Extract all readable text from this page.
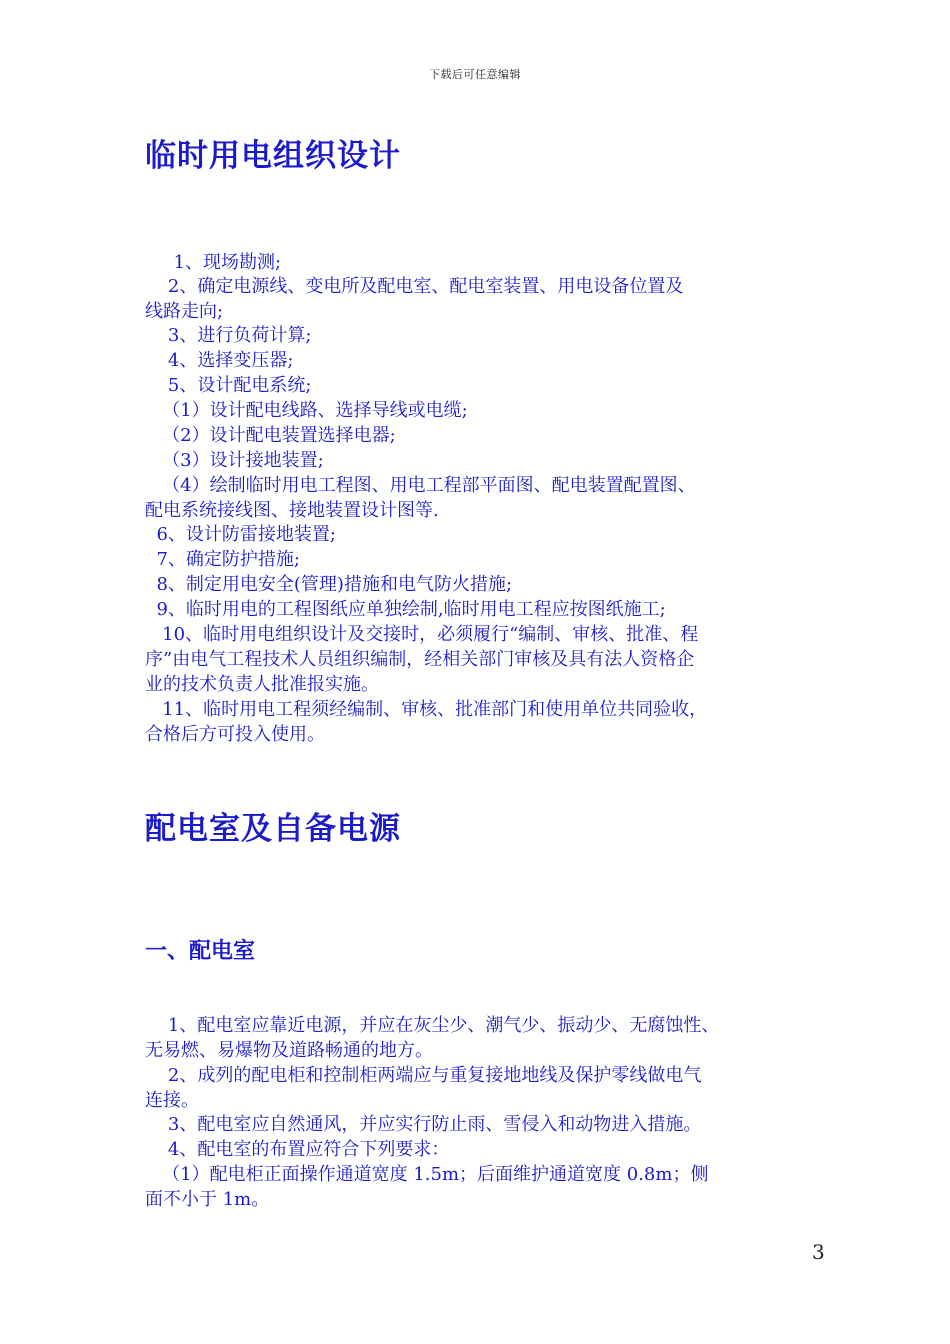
下载后可任意编辑
临时用电组织设计

1、现场勘测;

2、确定电源线、变电所及配电室、配电室装置、用电设备位置及
线路走向;

3、进行负荷计算;

4、选择变压器;

5、设计配电系统;

（1）设计配电线路、选择导线或电缆;

（2）设计配电装置选择电器;

（3）设计接地装置;

（4）绘制临时用电工程图、用电工程部平面图、配电装置配置图、
配电系统接线图、接地装置设计图等.

6、设计防雷接地装置;

7、确定防护措施;

8、制定用电安全(管理)措施和电气防火措施;

9、临时用电的工程图纸应单独绘制,临时用电工程应按图纸施工;

10、临时用电组织设计及交接时，必须履行“编制、审核、批准、程
序”由电气工程技术人员组织编制，经相关部门审核及具有法人资格企
业的技术负责人批准报实施。

11、临时用电工程须经编制、审核、批准部门和使用单位共同验收，
合格后方可投入使用。

配电室及自备电源
一、配电室

1、配电室应靠近电源，并应在灰尘少、潮气少、振动少、无腐蚀性、
无易燃、易爆物及道路畅通的地方。

2、成列的配电柜和控制柜两端应与重复接地地线及保护零线做电气
连接。

3、配电室应自然通风，并应实行防止雨、雪侵入和动物进入措施。

4、配电室的布置应符合下列要求：

（1）配电柜正面操作通道宽度 1.5m；后面维护通道宽度 0.8m；侧
面不小于 1m。

3
